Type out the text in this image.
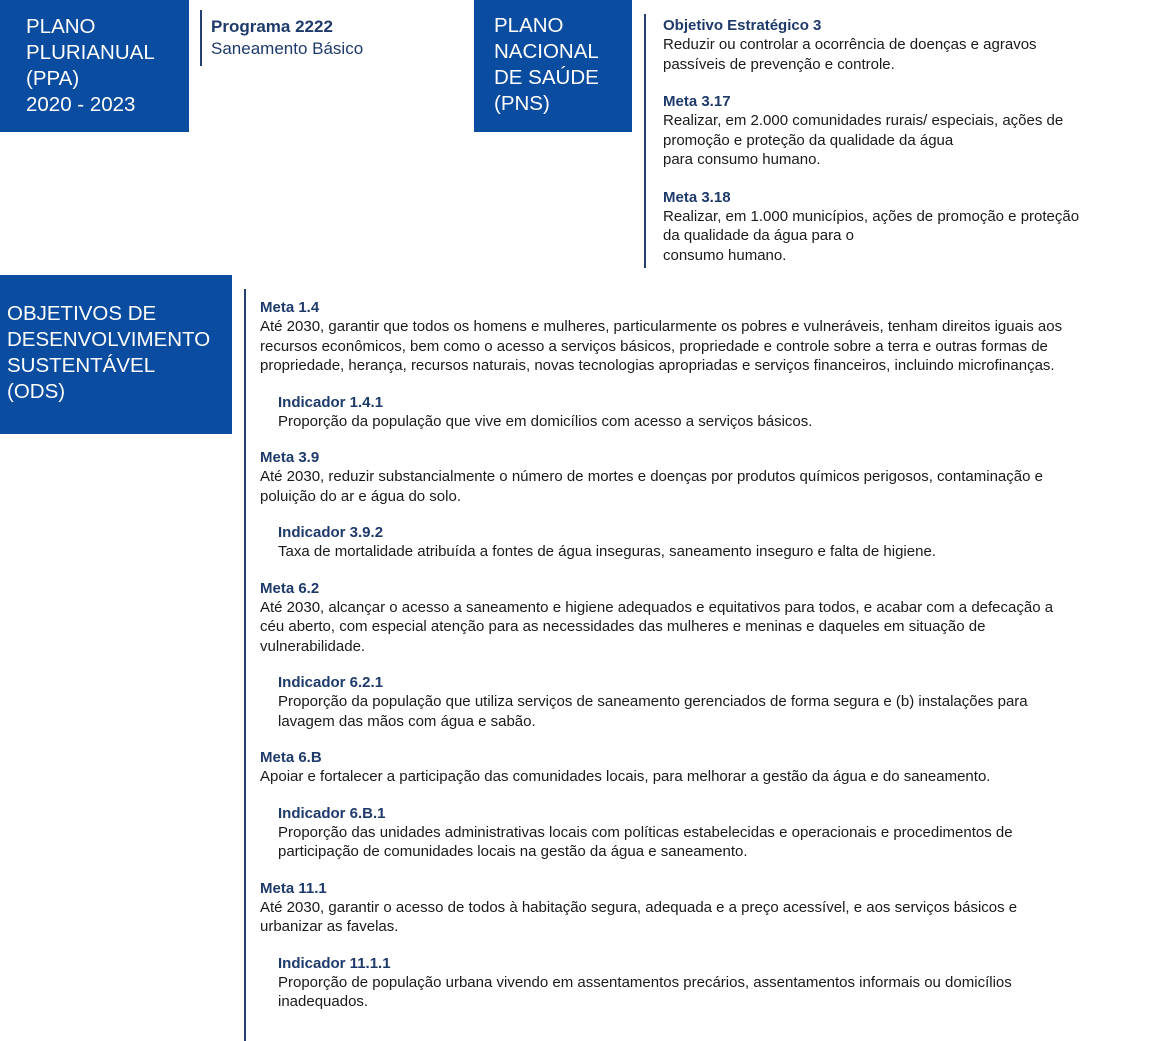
PLANO
PLURIANUAL
(PPA)
2020 - 2023
Programa 2222
Saneamento Básico
PLANO
NACIONAL
DE SAÚDE
(PNS)
Objetivo Estratégico 3
Reduzir ou controlar a ocorrência de doenças e agravos
passíveis de prevenção e controle.
Meta 3.17
Realizar, em 2.000 comunidades rurais/ especiais, ações de
promoção e proteção da qualidade da água
para consumo humano.
Meta 3.18
Realizar, em 1.000 municípios, ações de promoção e proteção
da qualidade da água para o
consumo humano.
OBJETIVOS DE
DESENVOLVIMENTO
SUSTENTÁVEL
(ODS)
Meta 1.4
Até 2030, garantir que todos os homens e mulheres, particularmente os pobres e vulneráveis, tenham direitos iguais aos
recursos econômicos, bem como o acesso a serviços básicos, propriedade e controle sobre a terra e outras formas de
propriedade, herança, recursos naturais, novas tecnologias apropriadas e serviços financeiros, incluindo microfinanças.
Indicador 1.4.1
Proporção da população que vive em domicílios com acesso a serviços básicos.
Meta 3.9
Até 2030, reduzir substancialmente o número de mortes e doenças por produtos químicos perigosos, contaminação e
poluição do ar e água do solo.
Indicador 3.9.2
Taxa de mortalidade atribuída a fontes de água inseguras, saneamento inseguro e falta de higiene.
Meta 6.2
Até 2030, alcançar o acesso a saneamento e higiene adequados e equitativos para todos, e acabar com a defecação a
céu aberto, com especial atenção para as necessidades das mulheres e meninas e daqueles em situação de
vulnerabilidade.
Indicador 6.2.1
Proporção da população que utiliza serviços de saneamento gerenciados de forma segura e (b) instalações para
lavagem das mãos com água e sabão.
Meta 6.B
Apoiar e fortalecer a participação das comunidades locais, para melhorar a gestão da água e do saneamento.
Indicador 6.B.1
Proporção das unidades administrativas locais com políticas estabelecidas e operacionais e procedimentos de
participação de comunidades locais na gestão da água e saneamento.
Meta 11.1
Até 2030, garantir o acesso de todos à habitação segura, adequada e a preço acessível, e aos serviços básicos e
urbanizar as favelas.
Indicador 11.1.1
Proporção de população urbana vivendo em assentamentos precários, assentamentos informais ou domicílios
inadequados.
